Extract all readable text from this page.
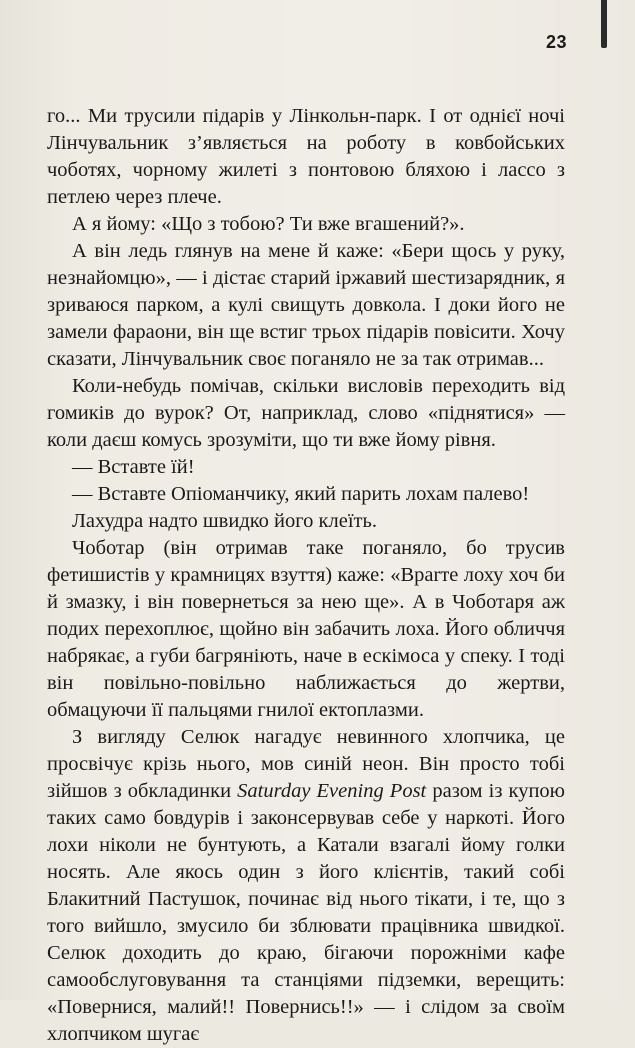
23

го... Ми трусили підарів у Лінкольн-парк. І от однієї ночі Лінчувальник з’являється на роботу в ковбойських чоботях, чорному жилеті з понтовою бляхою і лассо з петлею через плече.

А я йому: «Що з тобою? Ти вже вгашений?».

А він ледь глянув на мене й каже: «Бери щось у руку, незнайомцю», — і дістає старий іржавий шестизарядник, я зриваюся парком, а кулі свищуть довкола. І доки його не замели фараони, він ще встиг трьох підарів повісити. Хочу сказати, Лінчувальник своє поганяло не за так отримав...

Коли-небудь помічав, скільки висловів переходить від гомиків до вурок? От, наприклад, слово «піднятися» — коли даєш комусь зрозуміти, що ти вже йому рівня.

— Вставте їй!

— Вставте Опіоманчику, який парить лохам палево!

Лахудра надто швидко його клеїть.

Чоботар (він отримав таке поганяло, бо трусив фетишистів у крамницях взуття) каже: «Вparте лоху хоч би й змазку, і він повернеться за нею ще». А в Чоботаря аж подих перехоплює, щойно він забачить лоха. Його обличчя набрякає, а губи багряніють, наче в ескімоса у спеку. І тоді він повільно-повільно наближається до жертви, обмацуючи її пальцями гнилої ектоплазми.

З вигляду Селюк нагадує невинного хлопчика, це просвічує крізь нього, мов синій неон. Він просто тобі зійшов з обкладинки Saturday Evening Post разом із купою таких само бовдурів і законсервував себе у наркоті. Його лохи ніколи не бунтують, а Катали взагалі йому голки носять. Але якось один з його клієнтів, такий собі Блакитний Пастушок, починає від нього тікати, і те, що з того вийшло, змусило би зблювати працівника швидкої. Селюк доходить до краю, бігаючи порожніми кафе самообслуговування та станціями підземки, верещить: «Повернися, малий!! Повернись!!» — і слідом за своїм хлопчиком шугає
